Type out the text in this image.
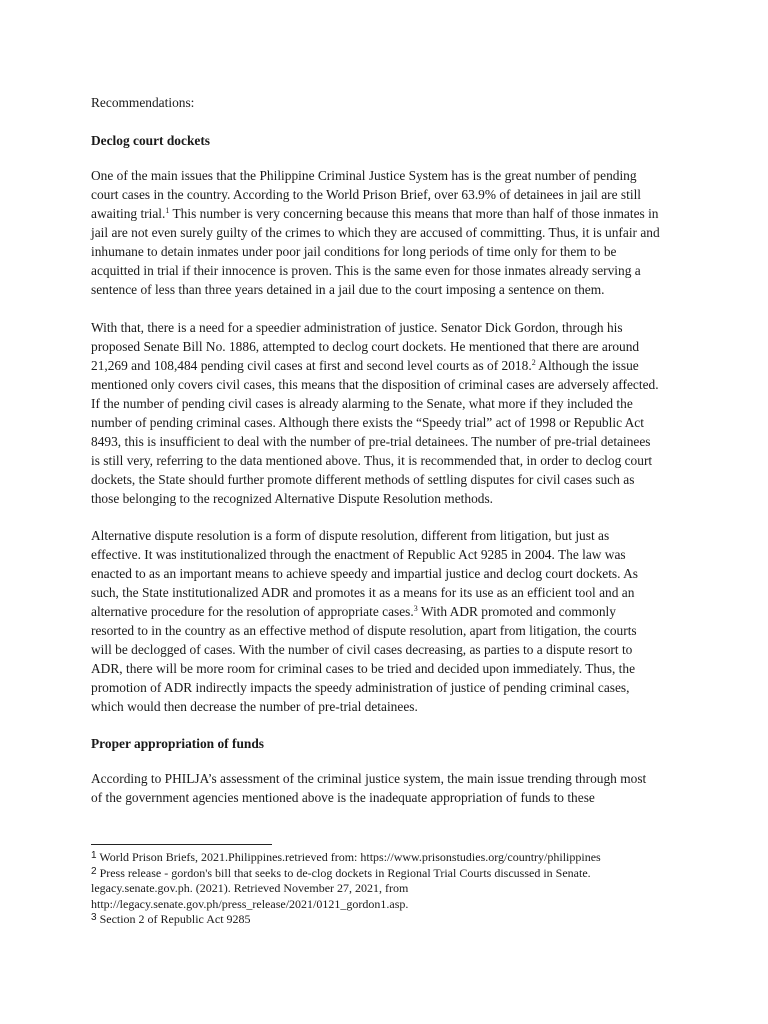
Recommendations:
Declog court dockets
One of the main issues that the Philippine Criminal Justice System has is the great number of pending
court cases in the country. According to the World Prison Brief, over 63.9% of detainees in jail are still
awaiting trial.$^1$ This number is very concerning because this means that more than half of those inmates in
jail are not even surely guilty of the crimes to which they are accused of committing. Thus, it is unfair and
inhumane to detain inmates under poor jail conditions for long periods of time only for them to be
acquitted in trial if their innocence is proven. This is the same even for those inmates already serving a
sentence of less than three years detained in a jail due to the court imposing a sentence on them.
With that, there is a need for a speedier administration of justice. Senator Dick Gordon, through his
proposed Senate Bill No. 1886, attempted to declog court dockets. He mentioned that there are around
21,269 and 108,484 pending civil cases at first and second level courts as of 2018.$^2$ Although the issue
mentioned only covers civil cases, this means that the disposition of criminal cases are adversely affected.
If the number of pending civil cases is already alarming to the Senate, what more if they included the
number of pending criminal cases. Although there exists the “Speedy trial” act of 1998 or Republic Act
8493, this is insufficient to deal with the number of pre-trial detainees. The number of pre-trial detainees
is still very, referring to the data mentioned above. Thus, it is recommended that, in order to declog court
dockets, the State should further promote different methods of settling disputes for civil cases such as
those belonging to the recognized Alternative Dispute Resolution methods.
Alternative dispute resolution is a form of dispute resolution, different from litigation, but just as
effective. It was institutionalized through the enactment of Republic Act 9285 in 2004. The law was
enacted to as an important means to achieve speedy and impartial justice and declog court dockets. As
such, the State institutionalized ADR and promotes it as a means for its use as an efficient tool and an
alternative procedure for the resolution of appropriate cases.$^3$ With ADR promoted and commonly
resorted to in the country as an effective method of dispute resolution, apart from litigation, the courts
will be declogged of cases. With the number of civil cases decreasing, as parties to a dispute resort to
ADR, there will be more room for criminal cases to be tried and decided upon immediately. Thus, the
promotion of ADR indirectly impacts the speedy administration of justice of pending criminal cases,
which would then decrease the number of pre-trial detainees.
Proper appropriation of funds
According to PHILJA’s assessment of the criminal justice system, the main issue trending through most
of the government agencies mentioned above is the inadequate appropriation of funds to these
$^1$ World Prison Briefs, 2021.Philippines.retrieved from: https://www.prisonstudies.org/country/philippines
$^2$ Press release - gordon's bill that seeks to de-clog dockets in Regional Trial Courts discussed in Senate.
legacy.senate.gov.ph. (2021). Retrieved November 27, 2021, from
http://legacy.senate.gov.ph/press_release/2021/0121_gordon1.asp.
$^3$ Section 2 of Republic Act 9285
